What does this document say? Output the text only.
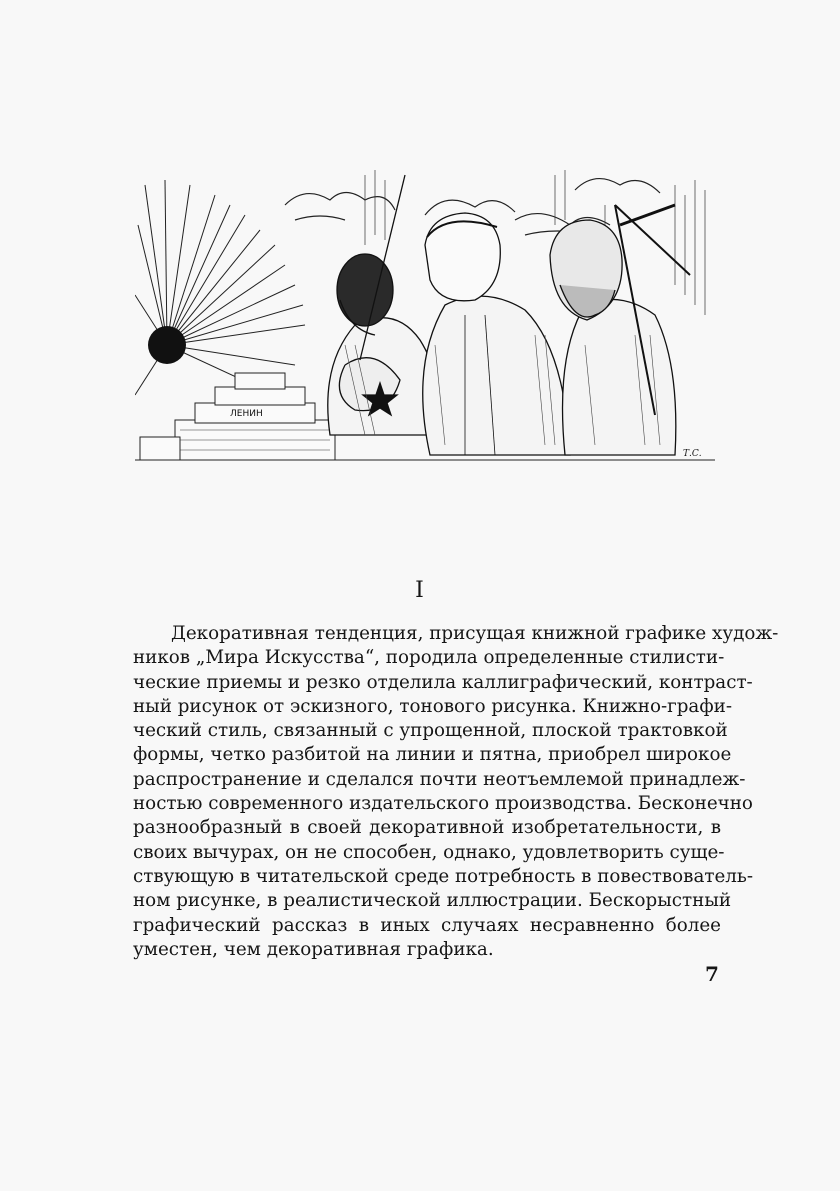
ЛЕНИН
Т.С.
I
Декоративная тенденция, присущая книжной графике худож-
ников „Мира Искусства“, породила определенные стилисти-
ческие приемы и резко отделила каллиграфический, контраст-
ный рисунок от эскизного, тонового рисунка. Книжно-графи-
ческий стиль, связанный с упрощенной, плоской трактовкой
формы, четко разбитой на линии и пятна, приобрел широкое
распространение и сделался почти неотъемлемой принадлеж-
ностью современного издательского производства. Бесконечно
разнообразный в своей декоративной изобретательности, в
своих вычурах, он не способен, однако, удовлетворить суще-
ствующую в читательской среде потребность в повествователь-
ном рисунке, в реалистической иллюстрации. Бескорыстный
графический рассказ в иных случаях несравненно более
уместен, чем декоративная графика.
7
